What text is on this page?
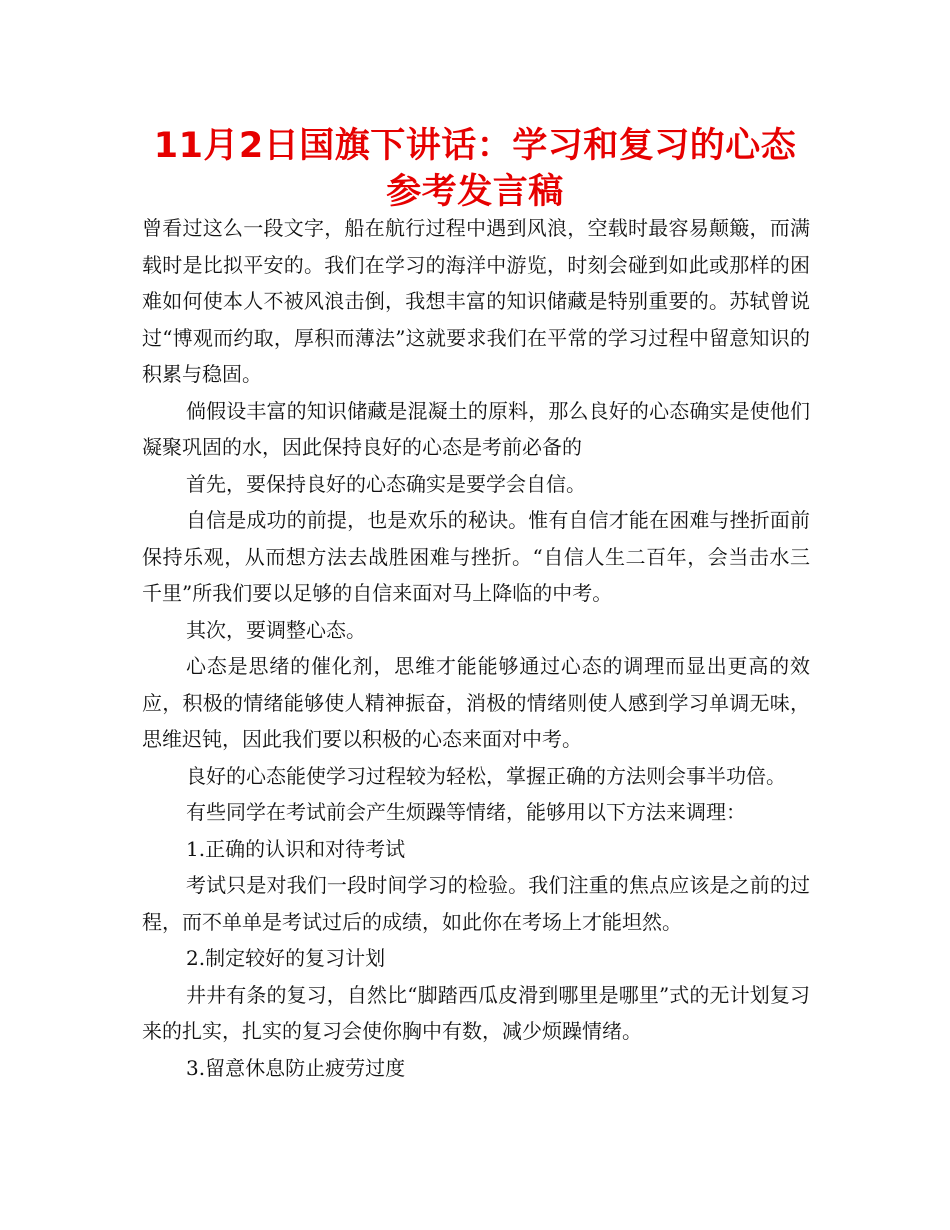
11月2日国旗下讲话：学习和复习的心态
参考发言稿

曾看过这么一段文字，船在航行过程中遇到风浪，空载时最容易颠簸，而满载时是比拟平安的。我们在学习的海洋中游览，时刻会碰到如此或那样的困难如何使本人不被风浪击倒，我想丰富的知识储藏是特别重要的。苏轼曾说过“博观而约取，厚积而薄法”这就要求我们在平常的学习过程中留意知识的积累与稳固。

倘假设丰富的知识储藏是混凝土的原料，那么良好的心态确实是使他们凝聚巩固的水，因此保持良好的心态是考前必备的

首先，要保持良好的心态确实是要学会自信。

自信是成功的前提，也是欢乐的秘诀。惟有自信才能在困难与挫折面前保持乐观，从而想方法去战胜困难与挫折。“自信人生二百年，会当击水三千里”所我们要以足够的自信来面对马上降临的中考。

其次，要调整心态。

心态是思绪的催化剂，思维才能能够通过心态的调理而显出更高的效应，积极的情绪能够使人精神振奋，消极的情绪则使人感到学习单调无味，思维迟钝，因此我们要以积极的心态来面对中考。

良好的心态能使学习过程较为轻松，掌握正确的方法则会事半功倍。

有些同学在考试前会产生烦躁等情绪，能够用以下方法来调理：

1.正确的认识和对待考试

考试只是对我们一段时间学习的检验。我们注重的焦点应该是之前的过程，而不单单是考试过后的成绩，如此你在考场上才能坦然。

2.制定较好的复习计划

井井有条的复习，自然比“脚踏西瓜皮滑到哪里是哪里”式的无计划复习来的扎实，扎实的复习会使你胸中有数，减少烦躁情绪。

3.留意休息防止疲劳过度
